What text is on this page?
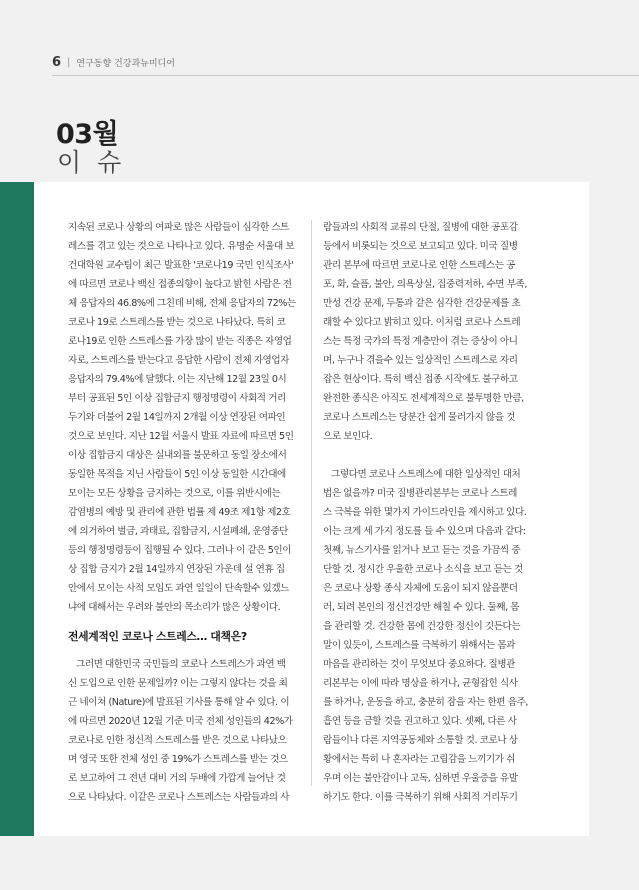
6 | 연구동향 건강과뉴미디어
03월
이 슈

지속된 코로나 상황의 여파로 많은 사람들이 심각한 스트

레스를 겪고 있는 것으로 나타나고 있다. 유명순 서울대 보

건대학원 교수팀이 최근 발표한 '코로나19 국민 인식조사'

에 따르면 코로나 백신 접종의향이 높다고 밝힌 사람은 전

체 응답자의 46.8%에 그친데 비해, 전체 응답자의 72%는

코로나 19로 스트레스를 받는 것으로 나타났다. 특히 코

로나19로 인한 스트레스를 가장 많이 받는 직종은 자영업

자로, 스트레스를 받는다고 응답한 사람이 전체 자영업자

응답자의 79.4%에 달했다. 이는 지난해 12월 23일 0시

부터 공표된 5인 이상 집합금지 행정명령이 사회적 거리

두기와 더불어 2월 14일까지 2개월 이상 연장된 여파인

것으로 보인다. 지난 12월 서울시 발표 자료에 따르면 5인

이상 집합금지 대상은 실내외를 불문하고 동일 장소에서

동일한 목적을 지닌 사람들이 5인 이상 동일한 시간대에

모이는 모든 상황을 금지하는 것으로, 이를 위반시에는

감염병의 예방 및 관리에 관한 법률 제 49조 제1항 제2호

에 의거하여 벌금, 과태료, 집합금지, 시설폐쇄, 운영중단

등의 행정명령등이 집행될 수 있다. 그러나 이 같은 5인이

상 집합 금지가 2월 14일까지 연장된 가운데 설 연휴 집

안에서 모이는 사적 모임도 과연 일일이 단속할수 있겠느

냐에 대해서는 우려와 불안의 목소리가 많은 상황이다.

전세계적인 코로나 스트레스… 대책은?

그러면 대한민국 국민들의 코로나 스트레스가 과연 백

신 도입으로 인한 문제일까? 이는 그렇지 않다는 것을 최

근 네이쳐 (Nature)에 발표된 기사를 통해 알 수 있다. 이

에 따르면 2020년 12월 기준 미국 전체 성인들의 42%가

코로나로 인한 정신적 스트레스를 받은 것으로 나타났으

며 영국 또한 전체 성인 중 19%가 스트레스를 받는 것으

로 보고하여 그 전년 대비 거의 두배에 가깝게 늘어난 것

으로 나타났다. 이같은 코로나 스트레스는 사람들과의 사

람들과의 사회적 교류의 단절, 질병에 대한 공포감

등에서 비롯되는 것으로 보고되고 있다. 미국 질병

관리 본부에 따르면 코로나로 인한 스트레스는 공

포, 화, 슬픔, 불안, 의욕상실, 집중력저하, 수면 부족,

만성 건강 문제, 두통과 같은 심각한 건강문제를 초

래할 수 있다고 밝히고 있다. 이처럼 코로나 스트레

스는 특정 국가의 특정 계층만이 겪는 증상이 아니

며, 누구나 겪을수 있는 일상적인 스트레스로 자리

잡은 현상이다. 특히 백신 접종 시작에도 불구하고

완전한 종식은 아직도 전세계적으로 불투명한 만큼,

코로나 스트레스는 당분간 쉽게 물러가지 않을 것

으로 보인다.

그렇다면 코로나 스트레스에 대한 일상적인 대처

법은 없을까? 미국 질병관리본부는 코로나 스트레

스 극복을 위한 몇가지 가이드라인을 제시하고 있다.

이는 크게 세 가지 정도를 들 수 있으며 다음과 같다:

첫째, 뉴스기사를 읽거나 보고 듣는 것을 가끔씩 중

단할 것. 정시간 우울한 코로나 소식을 보고 듣는 것

은 코로나 상황 종식 자체에 도움이 되지 않을뿐더

러, 되려 본인의 정신건강만 해칠 수 있다. 둘째, 몸

을 관리할 것. 건강한 몸에 건강한 정신이 깃든다는

말이 있듯이, 스트레스를 극복하기 위해서는 몸과

마음을 관리하는 것이 무엇보다 중요하다. 질병관

리본부는 이에 따라 명상을 하거나, 균형잡힌 식사

를 하거나, 운동을 하고, 충분히 잠을 자는 한편 음주,

흡연 등을 금할 것을 권고하고 있다. 셋째, 다른 사

람들이나 다른 지역공동체와 소통할 것. 코로나 상

황에서는 특히 나 혼자라는 고립감을 느끼기가 쉬

우며 이는 불안감이나 고독, 심하면 우울증을 유발

하기도 한다. 이를 극복하기 위해 사회적 거리두기
